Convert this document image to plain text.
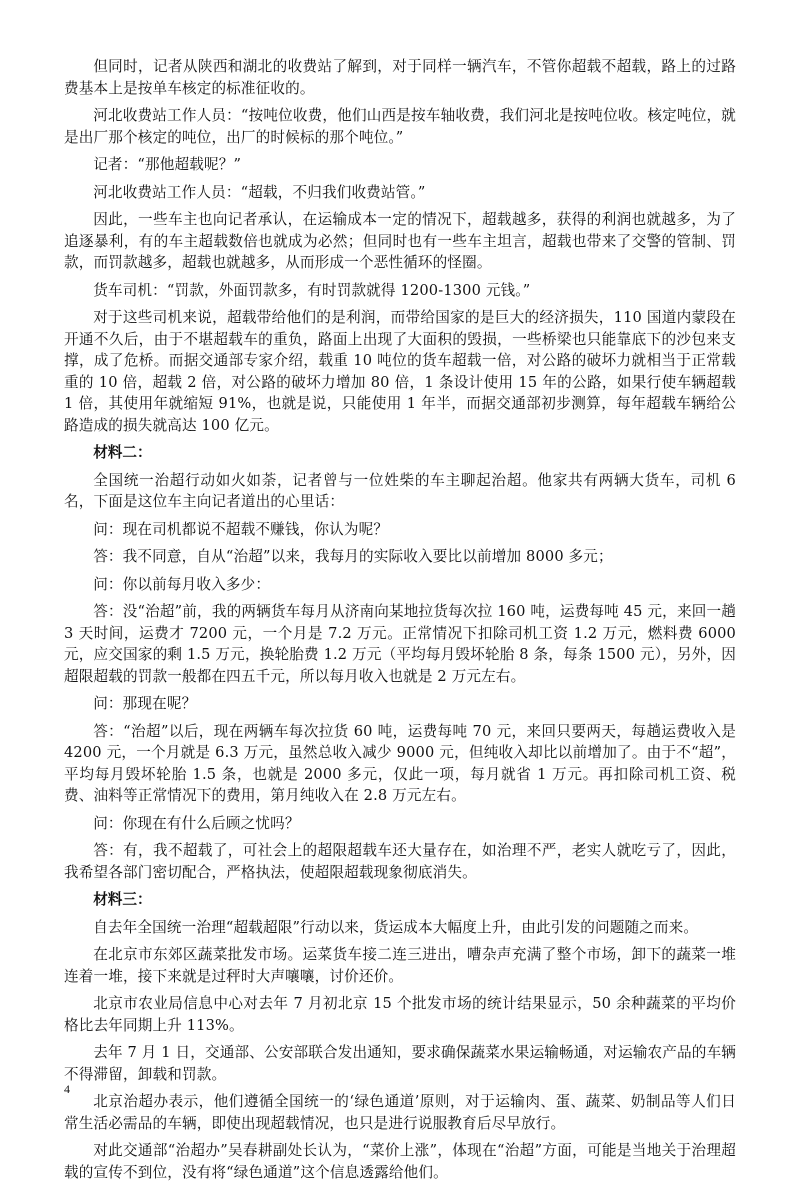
但同时，记者从陕西和湖北的收费站了解到，对于同样一辆汽车，不管你超载不超载，路上的过路费基本上是按单车核定的标准征收的。

河北收费站工作人员：“按吨位收费，他们山西是按车轴收费，我们河北是按吨位收。核定吨位，就是出厂那个核定的吨位，出厂的时候标的那个吨位。”

记者：“那他超载呢？”

河北收费站工作人员：“超载，不归我们收费站管。”

因此，一些车主也向记者承认，在运输成本一定的情况下，超载越多，获得的利润也就越多，为了追逐暴利，有的车主超载数倍也就成为必然；但同时也有一些车主坦言，超载也带来了交警的管制、罚款，而罚款越多，超载也就越多，从而形成一个恶性循环的怪圈。

货车司机：“罚款，外面罚款多，有时罚款就得 1200-1300 元钱。”

对于这些司机来说，超载带给他们的是利润，而带给国家的是巨大的经济损失，110 国道内蒙段在开通不久后，由于不堪超载车的重负，路面上出现了大面积的毁损，一些桥梁也只能靠底下的沙包来支撑，成了危桥。而据交通部专家介绍，载重 10 吨位的货车超载一倍，对公路的破坏力就相当于正常载重的 10 倍，超载 2 倍，对公路的破坏力增加 80 倍，1 条设计使用 15 年的公路，如果行使车辆超载 1 倍，其使用年就缩短 91%，也就是说，只能使用 1 年半，而据交通部初步测算，每年超载车辆给公路造成的损失就高达 100 亿元。

材料二：

全国统一治超行动如火如荼，记者曾与一位姓柴的车主聊起治超。他家共有两辆大货车，司机 6 名，下面是这位车主向记者道出的心里话：

问：现在司机都说不超载不赚钱，你认为呢？

答：我不同意，自从“治超”以来，我每月的实际收入要比以前增加 8000 多元；

问：你以前每月收入多少：

答：没“治超”前，我的两辆货车每月从济南向某地拉货每次拉 160 吨，运费每吨 45 元，来回一趟 3 天时间，运费才 7200 元，一个月是 7.2 万元。正常情况下扣除司机工资 1.2 万元，燃料费 6000 元，应交国家的剩 1.5 万元，换轮胎费 1.2 万元（平均每月毁坏轮胎 8 条，每条 1500 元），另外，因超限超载的罚款一般都在四五千元，所以每月收入也就是 2 万元左右。

问：那现在呢？

答：“治超”以后，现在两辆车每次拉货 60 吨，运费每吨 70 元，来回只要两天，每趟运费收入是 4200 元，一个月就是 6.3 万元，虽然总收入减少 9000 元，但纯收入却比以前增加了。由于不“超”，平均每月毁坏轮胎 1.5 条，也就是 2000 多元，仅此一项，每月就省 1 万元。再扣除司机工资、税费、油料等正常情况下的费用，第月纯收入在 2.8 万元左右。

问：你现在有什么后顾之忧吗？

答：有，我不超载了，可社会上的超限超载车还大量存在，如治理不严，老实人就吃亏了，因此，我希望各部门密切配合，严格执法，使超限超载现象彻底消失。

材料三：

自去年全国统一治理“超载超限”行动以来，货运成本大幅度上升，由此引发的问题随之而来。

在北京市东郊区蔬菜批发市场。运菜货车接二连三进出，嘈杂声充满了整个市场，卸下的蔬菜一堆连着一堆，接下来就是过秤时大声嚷嚷，讨价还价。

北京市农业局信息中心对去年 7 月初北京 15 个批发市场的统计结果显示，50 余种蔬菜的平均价格比去年同期上升 113%。

去年 7 月 1 日，交通部、公安部联合发出通知，要求确保蔬菜水果运输畅通，对运输农产品的车辆不得滞留，卸载和罚款。

北京治超办表示，他们遵循全国统一的‘绿色通道’原则，对于运输肉、蛋、蔬菜、奶制品等人们日常生活必需品的车辆，即使出现超载情况，也只是进行说服教育后尽早放行。

对此交通部“治超办”吴春耕副处长认为，“菜价上涨”，体现在“治超”方面，可能是当地关于治理超载的宣传不到位，没有将“绿色通道”这个信息透露给他们。

4
